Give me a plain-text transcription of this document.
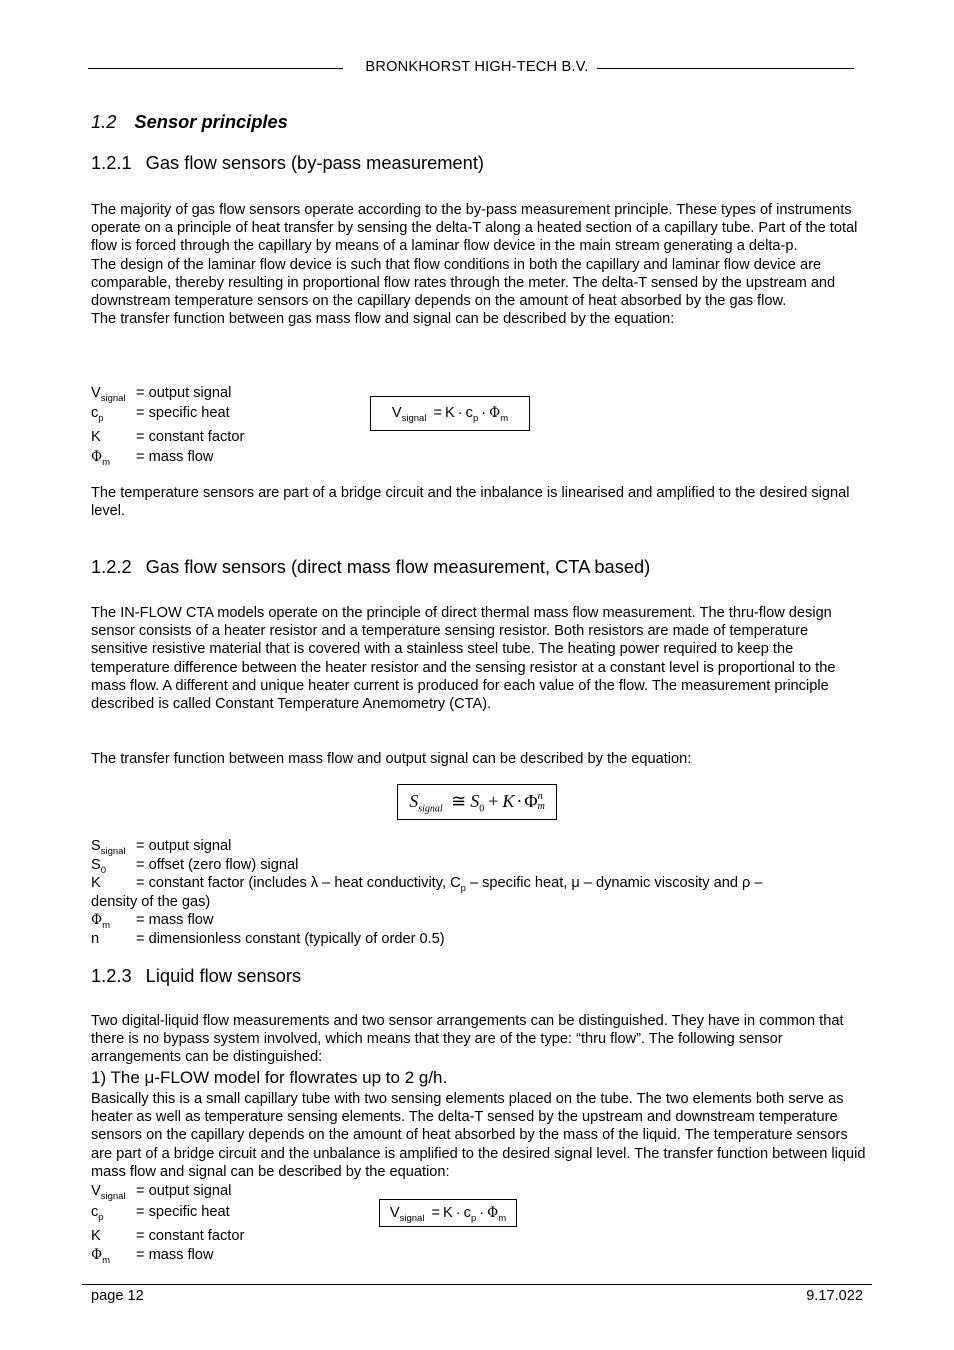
BRONKHORST HIGH-TECH B.V.
1.2 Sensor principles
1.2.1 Gas flow sensors (by-pass measurement)

The majority of gas flow sensors operate according to the by-pass measurement principle. These types of instruments operate on a principle of heat transfer by sensing the delta-T along a heated section of a capillary tube. Part of the total flow is forced through the capillary by means of a laminar flow device in the main stream generating a delta-p.

The design of the laminar flow device is such that flow conditions in both the capillary and laminar flow device are comparable, thereby resulting in proportional flow rates through the meter. The delta-T sensed by the upstream and downstream temperature sensors on the capillary depends on the amount of heat absorbed by the gas flow.

The transfer function between gas mass flow and signal can be described by the equation:

$V_{signal}$ = output signal
$c_p$ = specific heat
K = constant factor
$\Phi_m$ = mass flow
$V_{signal} = K \cdot c_p \cdot \Phi_m$

The temperature sensors are part of a bridge circuit and the inbalance is linearised and amplified to the desired signal level.

1.2.2 Gas flow sensors (direct mass flow measurement, CTA based)

The IN-FLOW CTA models operate on the principle of direct thermal mass flow measurement. The thru-flow design sensor consists of a heater resistor and a temperature sensing resistor. Both resistors are made of temperature sensitive resistive material that is covered with a stainless steel tube. The heating power required to keep the temperature difference between the heater resistor and the sensing resistor at a constant level is proportional to the mass flow. A different and unique heater current is produced for each value of the flow. The measurement principle described is called Constant Temperature Anemometry (CTA).

The transfer function between mass flow and output signal can be described by the equation:

$S_{signal}$ ≅ $S_0 + K \cdot \Phi$ n
m
$S_{signal}$ = output signal
$S_0$ = offset (zero flow) signal
K = constant factor (includes λ – heat conductivity, $C_p$ – specific heat, μ – dynamic viscosity and ρ –
density of the gas)
$\Phi_m$ = mass flow
n	= dimensionless constant (typically of order 0.5)
1.2.3 Liquid flow sensors

Two digital-liquid flow measurements and two sensor arrangements can be distinguished. They have in common that there is no bypass system involved, which means that they are of the type: “thru flow”. The following sensor arrangements can be distinguished:

1) The μ-FLOW model for flowrates up to 2 g/h.

Basically this is a small capillary tube with two sensing elements placed on the tube. The two elements both serve as heater as well as temperature sensing elements. The delta-T sensed by the upstream and downstream temperature sensors on the capillary depends on the amount of heat absorbed by the mass of the liquid. The temperature sensors are part of a bridge circuit and the unbalance is amplified to the desired signal level. The transfer function between liquid mass flow and signal can be described by the equation:

$V_{signal}$ = output signal
$c_p$ = specific heat
K = constant factor
$\Phi_m$ = mass flow
$V_{signal} = K \cdot c_p \cdot \Phi_m$
page 12	9.17.022
